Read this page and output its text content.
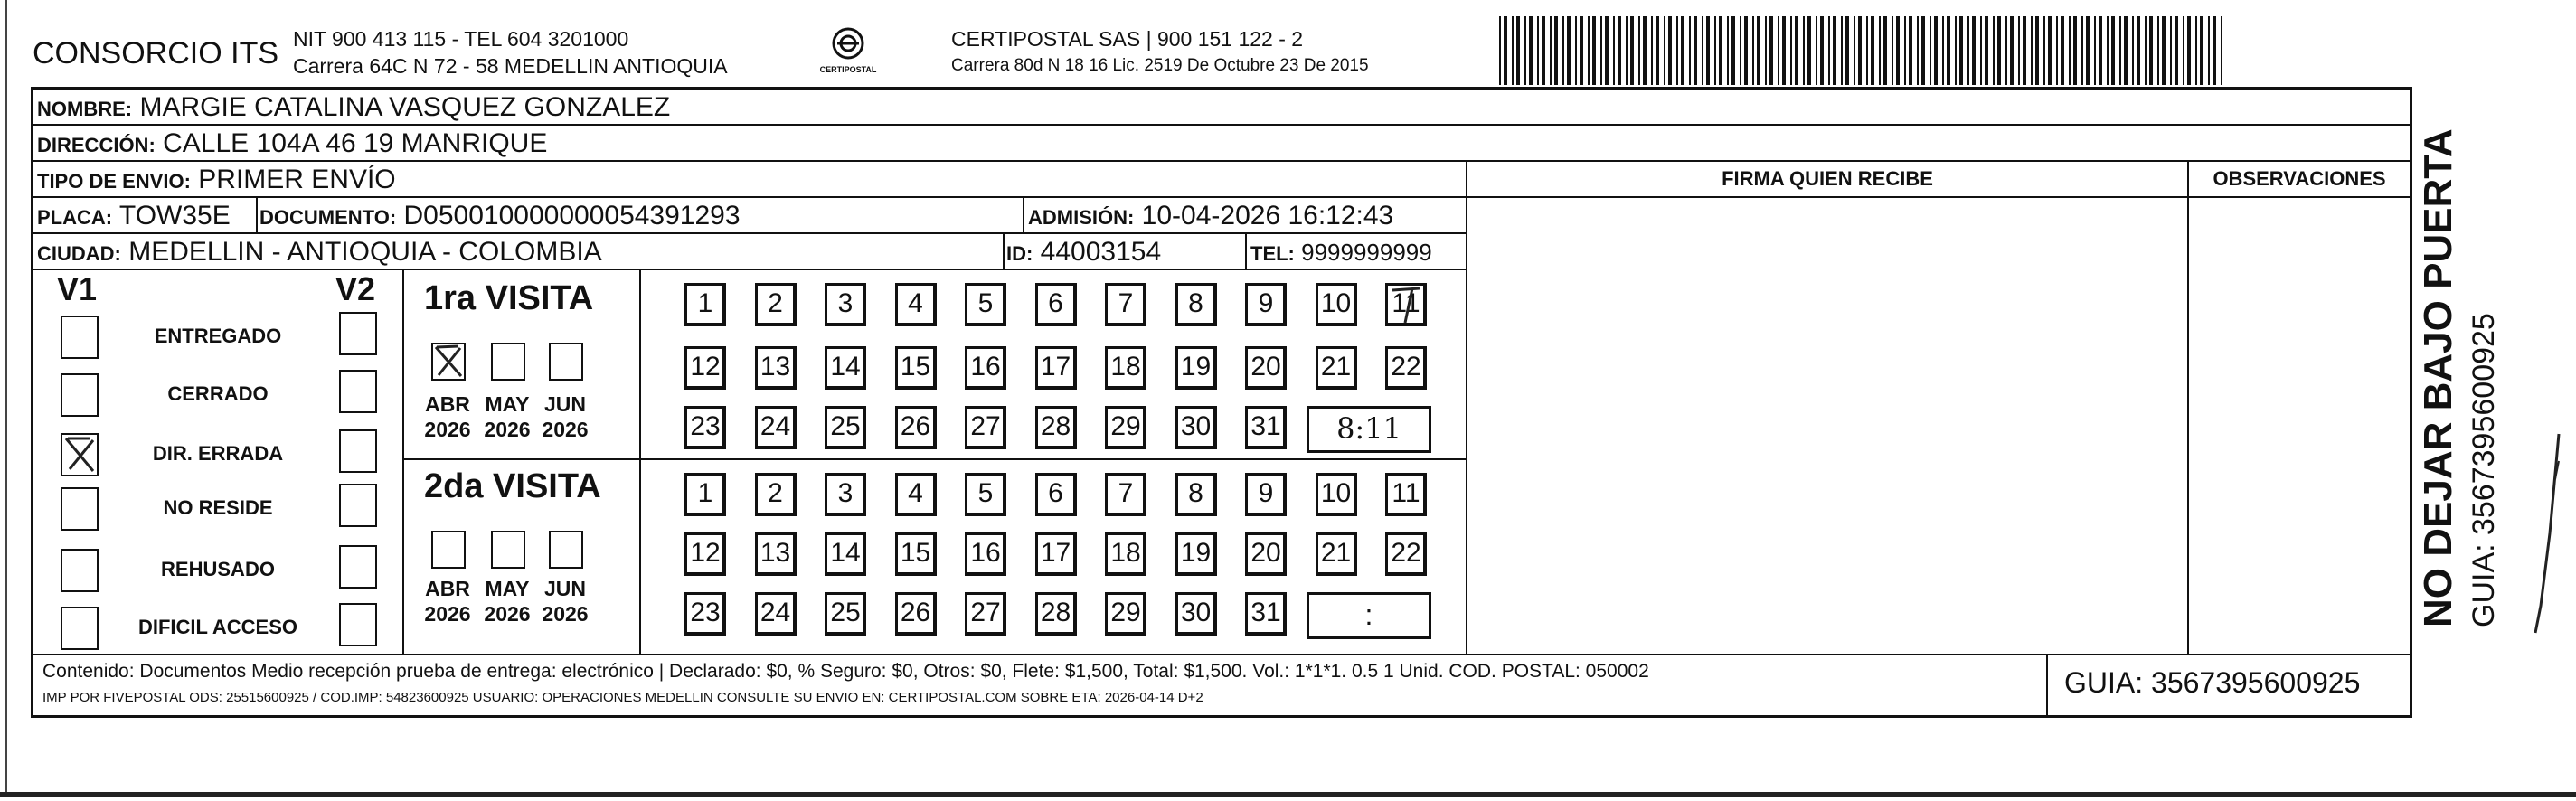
CONSORCIO ITS NIT 900 413 115 - TEL 604 3201000
Carrera 64C N 72 - 58 MEDELLIN ANTIOQUIA	CERTIPOSTAL
CERTIPOSTAL SAS | 900 151 122 - 2
Carrera 80d N 18 16 Lic. 2519 De Octubre 23 De 2015
NOMBRE: MARGIE CATALINA VASQUEZ GONZALEZ
DIRECCIÓN: CALLE 104A 46 19 MANRIQUE
TIPO DE ENVIO: PRIMER ENVÍO
PLACA: TOW35E DOCUMENTO: D050010000000054391293	ADMISIÓN: 10-04-2026 16:12:43
CIUDAD: MEDELLIN - ANTIOQUIA - COLOMBIA	ID: 44003154	TEL: 9999999999
FIRMA QUIEN RECIBE	OBSERVACIONES
V1	V2
ENTREGADO
CERRADO
DIR. ERRADA
NO RESIDE
REHUSADO
DIFICIL ACCESO
1ra VISITA
ABR
2026
MAY
2026
JUN
2026
1	2	3	4	5	6	7	8	9	10 11
12 13 14 15 16 17 18 19 20 21 22
23 24 25 26 27 28 29 30 31	8:11
2da VISITA
ABR
2026
MAY
2026
JUN
2026
1	2	3	4	5	6	7	8	9	10 11
12 13 14 15 16 17 18 19 20 21 22
23 24 25 26 27 28 29 30 31	:
Contenido: Documentos Medio recepción prueba de entrega: electrónico | Declarado: $0, % Seguro: $0, Otros: $0, Flete: $1,500, Total: $1,500. Vol.: 1*1*1. 0.5 1 Unid. COD. POSTAL: 050002
IMP POR FIVEPOSTAL ODS: 25515600925 / COD.IMP: 54823600925 USUARIO: OPERACIONES MEDELLIN CONSULTE SU ENVIO EN: CERTIPOSTAL.COM SOBRE ETA: 2026-04-14 D+2	GUIA: 3567395600925
NO DEJAR BAJO PUERTA GUIA: 3567395600925
